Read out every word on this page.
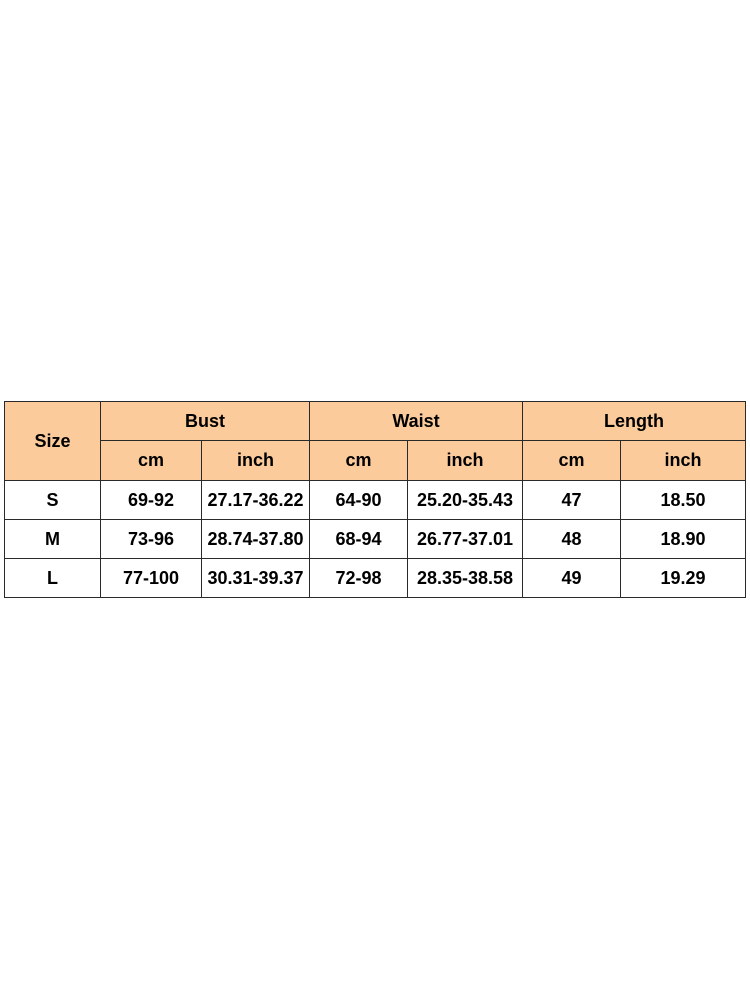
Size	Bust		Waist		Length	
	cm	inch	cm	inch	cm	inch
S	69-92	27.17-36.22	64-90	25.20-35.43	47	18.50
M	73-96	28.74-37.80	68-94	26.77-37.01	48	18.90
L	77-100	30.31-39.37	72-98	28.35-38.58	49	19.29
